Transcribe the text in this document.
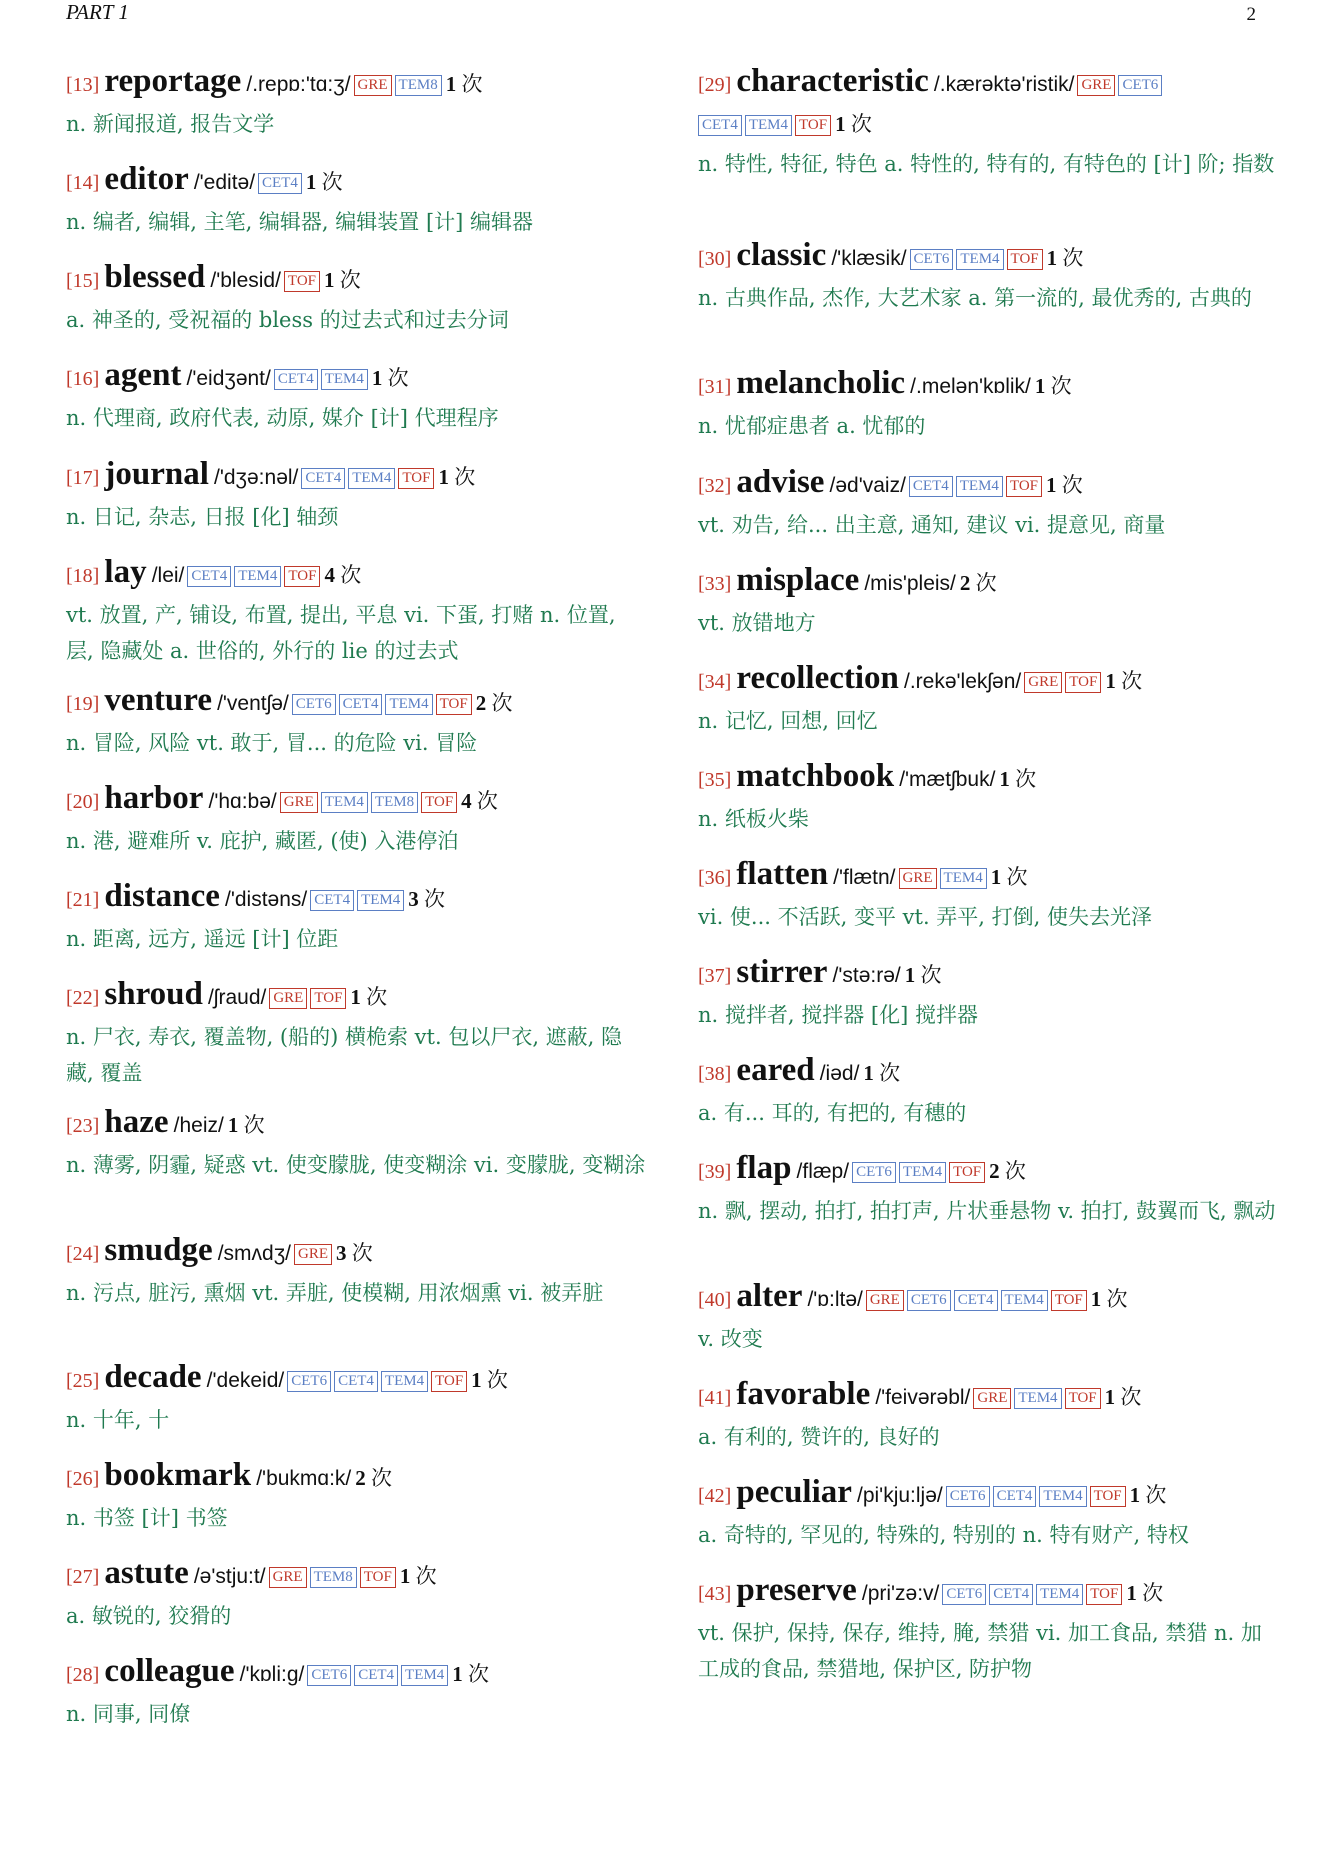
PART 1	2
[13] reportage /.repɒ:'tɑ:ʒ/ GRE TEM8 1 次
n. 新闻报道, 报告文学
[14] editor /'editə/ CET4 1 次
n. 编者, 编辑, 主笔, 编辑器, 编辑装置 [计] 编辑器
[15] blessed /'blesid/ TOF 1 次
a. 神圣的, 受祝福的 bless 的过去式和过去分词
[16] agent /'eidʒənt/ CET4 TEM4 1 次
n. 代理商, 政府代表, 动原, 媒介 [计] 代理程序
[17] journal /'dʒə:nəl/ CET4 TEM4 TOF 1 次
n. 日记, 杂志, 日报 [化] 轴颈
[18] lay /lei/ CET4 TEM4 TOF 4 次
vt. 放置, 产, 铺设, 布置, 提出, 平息 vi. 下蛋, 打赌 n. 位置, 层, 隐藏处 a. 世俗的, 外行的 lie 的过去式
[19] venture /'ventʃə/ CET6 CET4 TEM4 TOF 2 次
n. 冒险, 风险 vt. 敢于, 冒... 的危险 vi. 冒险
[20] harbor /'hɑ:bə/ GRE TEM4 TEM8 TOF 4 次
n. 港, 避难所 v. 庇护, 藏匿, (使) 入港停泊
[21] distance /'distəns/ CET4 TEM4 3 次
n. 距离, 远方, 遥远 [计] 位距
[22] shroud /ʃraud/ GRE TOF 1 次
n. 尸衣, 寿衣, 覆盖物, (船的) 横桅索 vt. 包以尸衣, 遮蔽, 隐藏, 覆盖
[23] haze /heiz/ 1 次
n. 薄雾, 阴霾, 疑惑 vt. 使变朦胧, 使变糊涂 vi. 变朦胧, 变糊涂
[24] smudge /smʌdʒ/ GRE 3 次
n. 污点, 脏污, 熏烟 vt. 弄脏, 使模糊, 用浓烟熏 vi. 被弄脏
[25] decade /'dekeid/ CET6 CET4 TEM4 TOF 1 次
n. 十年, 十
[26] bookmark /'bukmɑ:k/ 2 次
n. 书签 [计] 书签
[27] astute /ə'stju:t/ GRE TEM8 TOF 1 次
a. 敏锐的, 狡猾的
[28] colleague /'kɒli:g/ CET6 CET4 TEM4 1 次
n. 同事, 同僚
[29] characteristic /.kærəktə'ristik/ GRE CET6
CET4 TEM4 TOF 1 次
n. 特性, 特征, 特色 a. 特性的, 特有的, 有特色的 [计] 阶; 指数
[30] classic /'klæsik/ CET6 TEM4 TOF 1 次
n. 古典作品, 杰作, 大艺术家 a. 第一流的, 最优秀的, 古典的
[31] melancholic /.melən'kɒlik/ 1 次
n. 忧郁症患者 a. 忧郁的
[32] advise /əd'vaiz/ CET4 TEM4 TOF 1 次
vt. 劝告, 给... 出主意, 通知, 建议 vi. 提意见, 商量
[33] misplace /mis'pleis/ 2 次
vt. 放错地方
[34] recollection /.rekə'lekʃən/ GRE TOF 1 次
n. 记忆, 回想, 回忆
[35] matchbook /'mætʃbuk/ 1 次
n. 纸板火柴
[36] flatten /'flætn/ GRE TEM4 1 次
vi. 使... 不活跃, 变平 vt. 弄平, 打倒, 使失去光泽
[37] stirrer /'stə:rə/ 1 次
n. 搅拌者, 搅拌器 [化] 搅拌器
[38] eared /iəd/ 1 次
a. 有... 耳的, 有把的, 有穗的
[39] flap /flæp/ CET6 TEM4 TOF 2 次
n. 飘, 摆动, 拍打, 拍打声, 片状垂悬物 v. 拍打, 鼓翼而飞, 飘动
[40] alter /'ɒ:ltə/ GRE CET6 CET4 TEM4 TOF 1 次
v. 改变
[41] favorable /'feivərəbl/ GRE TEM4 TOF 1 次
a. 有利的, 赞许的, 良好的
[42] peculiar /pi'kju:ljə/ CET6 CET4 TEM4 TOF 1 次
a. 奇特的, 罕见的, 特殊的, 特别的 n. 特有财产, 特权
[43] preserve /pri'zə:v/ CET6 CET4 TEM4 TOF 1 次
vt. 保护, 保持, 保存, 维持, 腌, 禁猎 vi. 加工食品, 禁猎 n. 加工成的食品, 禁猎地, 保护区, 防护物
